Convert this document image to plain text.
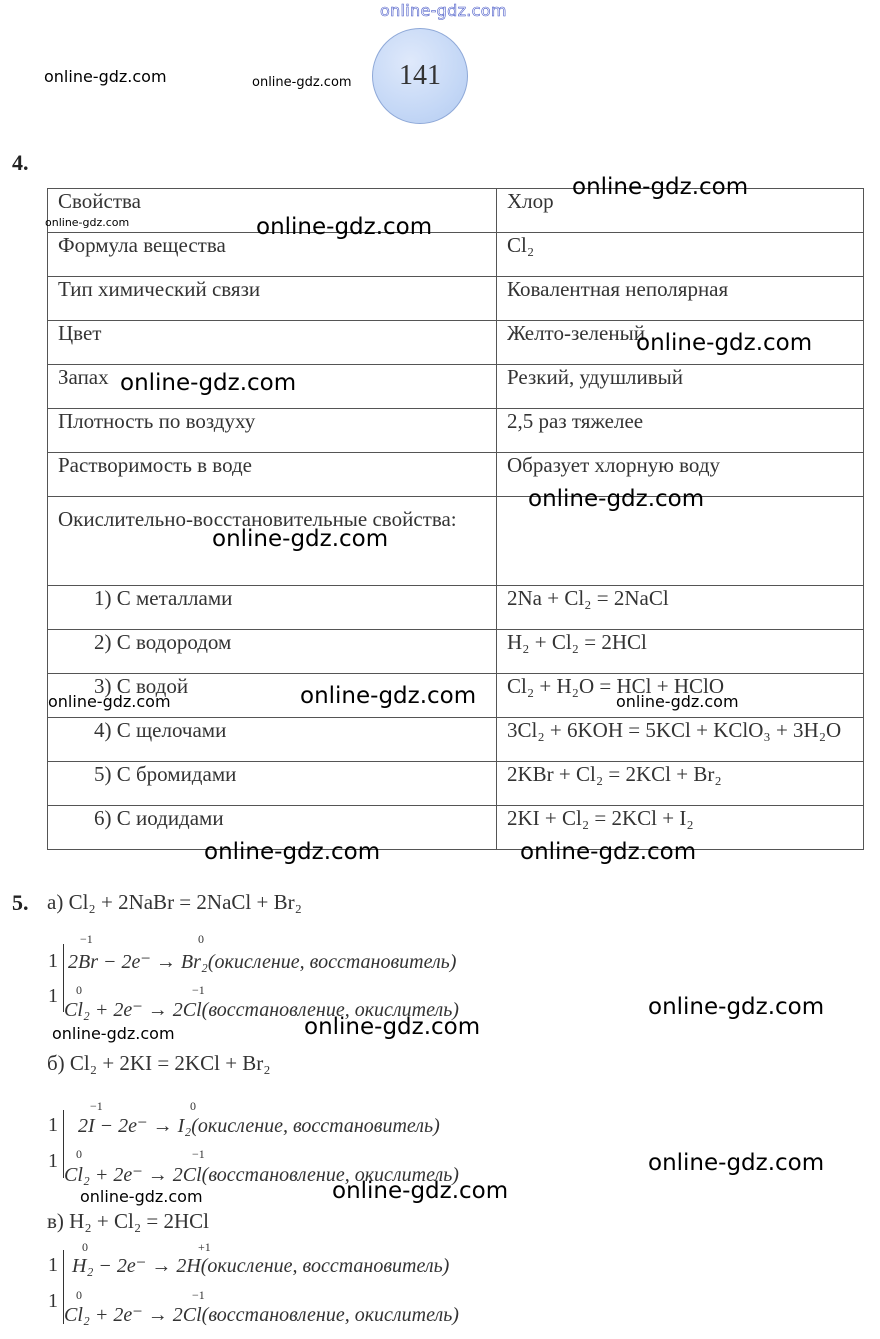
online-gdz.com
online-gdz.com	online-gdz.com 141
4.
Свойства	Хлор
Формула вещества	Cl₂
Тип химический связи	Ковалентная неполярная
Цвет	Желто-зеленый
Запах	Резкий, удушливый
Плотность по воздуху	2,5 раз тяжелее
Растворимость в воде	Образует хлорную воду
Окислительно-восстановительные свойства:	
1) С металлами	2Na + Cl₂ = 2NaCl
2) С водородом	H₂ + Cl₂ = 2HCl
3) С водой	Cl₂ + H₂O = HCl + HClO
4) С щелочами	3Cl₂ + 6KOH = 5KCl + KClO₃ + 3H₂O
5) С бромидами	2KBr + Cl₂ = 2KCl + Br₂
6) С иодидами	2KI + Cl₂ = 2KCl + I₂
5. а) Cl₂ + 2NaBr = 2NaCl + Br₂
1
1
−1	0
2Br − 2e⁻ → Br₂(окисление, восстановитель)
0	−1
Cl₂ + 2e⁻ → 2Cl(восстановление, окислитель)
б) Cl₂ + 2KI = 2KCl + Br₂
1
1
−1	0
2I − 2e⁻ → I₂(окисление, восстановитель)
0	−1
Cl₂ + 2e⁻ → 2Cl(восстановление, окислитель)
в) H₂ + Cl₂ = 2HCl
1
1
0	+1
H₂ − 2e⁻ → 2H(окисление, восстановитель)
0	−1
Cl₂ + 2e⁻ → 2Cl(восстановление, окислитель)
online-gdz.com
online-gdz.com	online-gdz.com
online-gdz.com
online-gdz.com
online-gdz.com
online-gdz.com
online-gdz.com	online-gdz.com	online-gdz.com
online-gdz.com	online-gdz.com
online-gdz.com
online-gdz.com	online-gdz.com
online-gdz.com
online-gdz.com	online-gdz.com
